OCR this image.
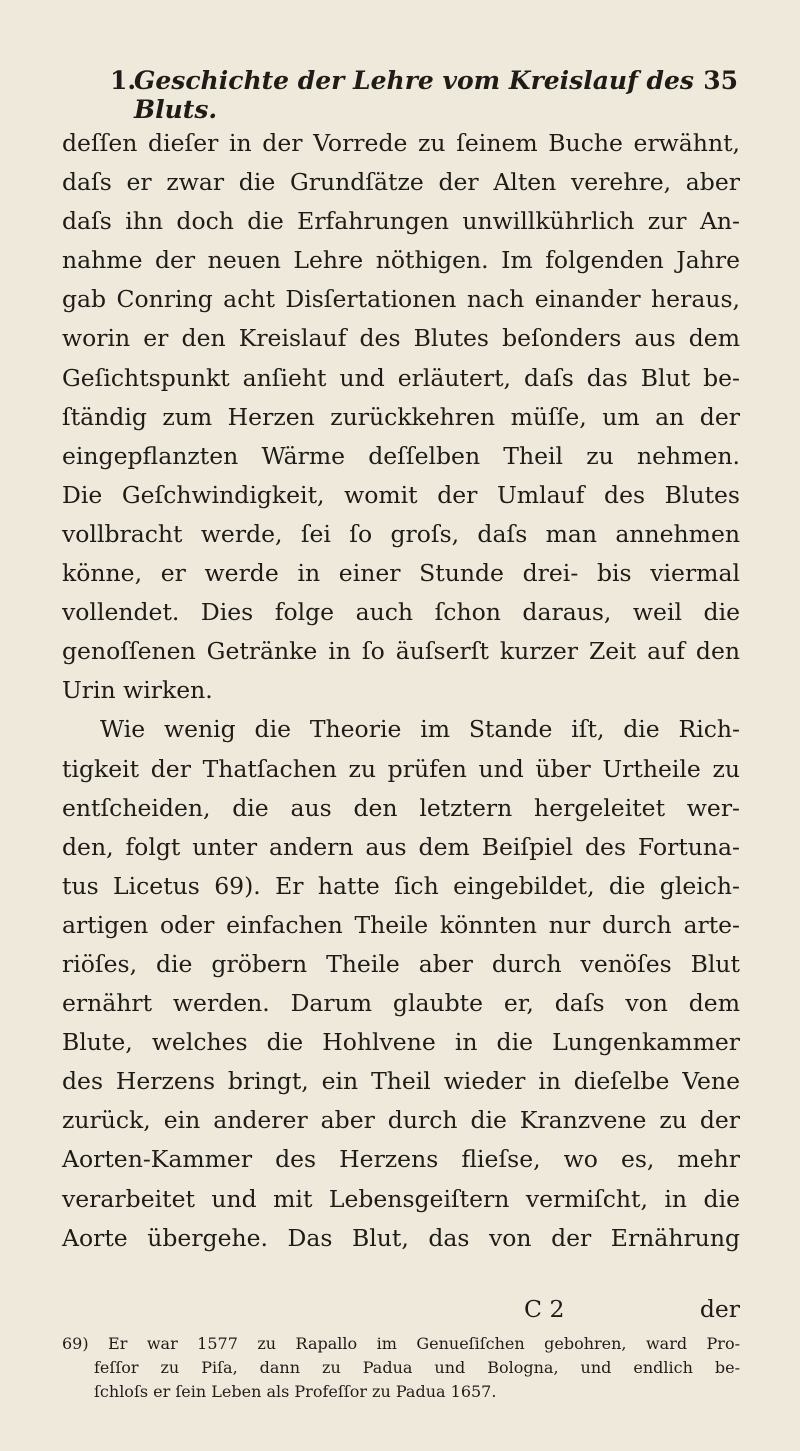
1.
Geschichte der Lehre vom Kreislauf des Bluts.
35
deſſen dieſer in der Vorrede zu ſeinem Buche erwähnt,
daſs er zwar die Grundſätze der Alten verehre, aber
daſs ihn doch die Erfahrungen unwillkührlich zur An-
nahme der neuen Lehre nöthigen. Im folgenden Jahre
gab Conring acht Disſertationen nach einander heraus,
worin er den Kreislauf des Blutes beſonders aus dem
Geſichtspunkt anſieht und erläutert, daſs das Blut be-
ſtändig zum Herzen zurückkehren müſſe, um an der
eingepflanzten Wärme deſſelben Theil zu nehmen.
Die Geſchwindigkeit, womit der Umlauf des Blutes
vollbracht werde, ſei ſo groſs, daſs man annehmen
könne, er werde in einer Stunde drei- bis viermal
vollendet. Dies folge auch ſchon daraus, weil die
genoſſenen Getränke in ſo äuſserſt kurzer Zeit auf den
Urin wirken.
Wie wenig die Theorie im Stande iſt, die Rich-
tigkeit der Thatſachen zu prüfen und über Urtheile zu
entſcheiden, die aus den letztern hergeleitet wer-
den, folgt unter andern aus dem Beiſpiel des Fortuna-
tus Licetus 69). Er hatte ſich eingebildet, die gleich-
artigen oder einfachen Theile könnten nur durch arte-
riöſes, die gröbern Theile aber durch venöſes Blut
ernährt werden. Darum glaubte er, daſs von dem
Blute, welches die Hohlvene in die Lungenkammer
des Herzens bringt, ein Theil wieder in dieſelbe Vene
zurück, ein anderer aber durch die Kranzvene zu der
Aorten-Kammer des Herzens flieſse, wo es, mehr
verarbeitet und mit Lebensgeiſtern vermiſcht, in die
Aorte übergehe. Das Blut, das von der Ernährung
C 2	der
69) Er war 1577 zu Rapallo im Genueſiſchen gebohren, ward Pro-
feſſor zu Piſa, dann zu Padua und Bologna, und endlich be-
ſchloſs er ſein Leben als Profeſſor zu Padua 1657.
